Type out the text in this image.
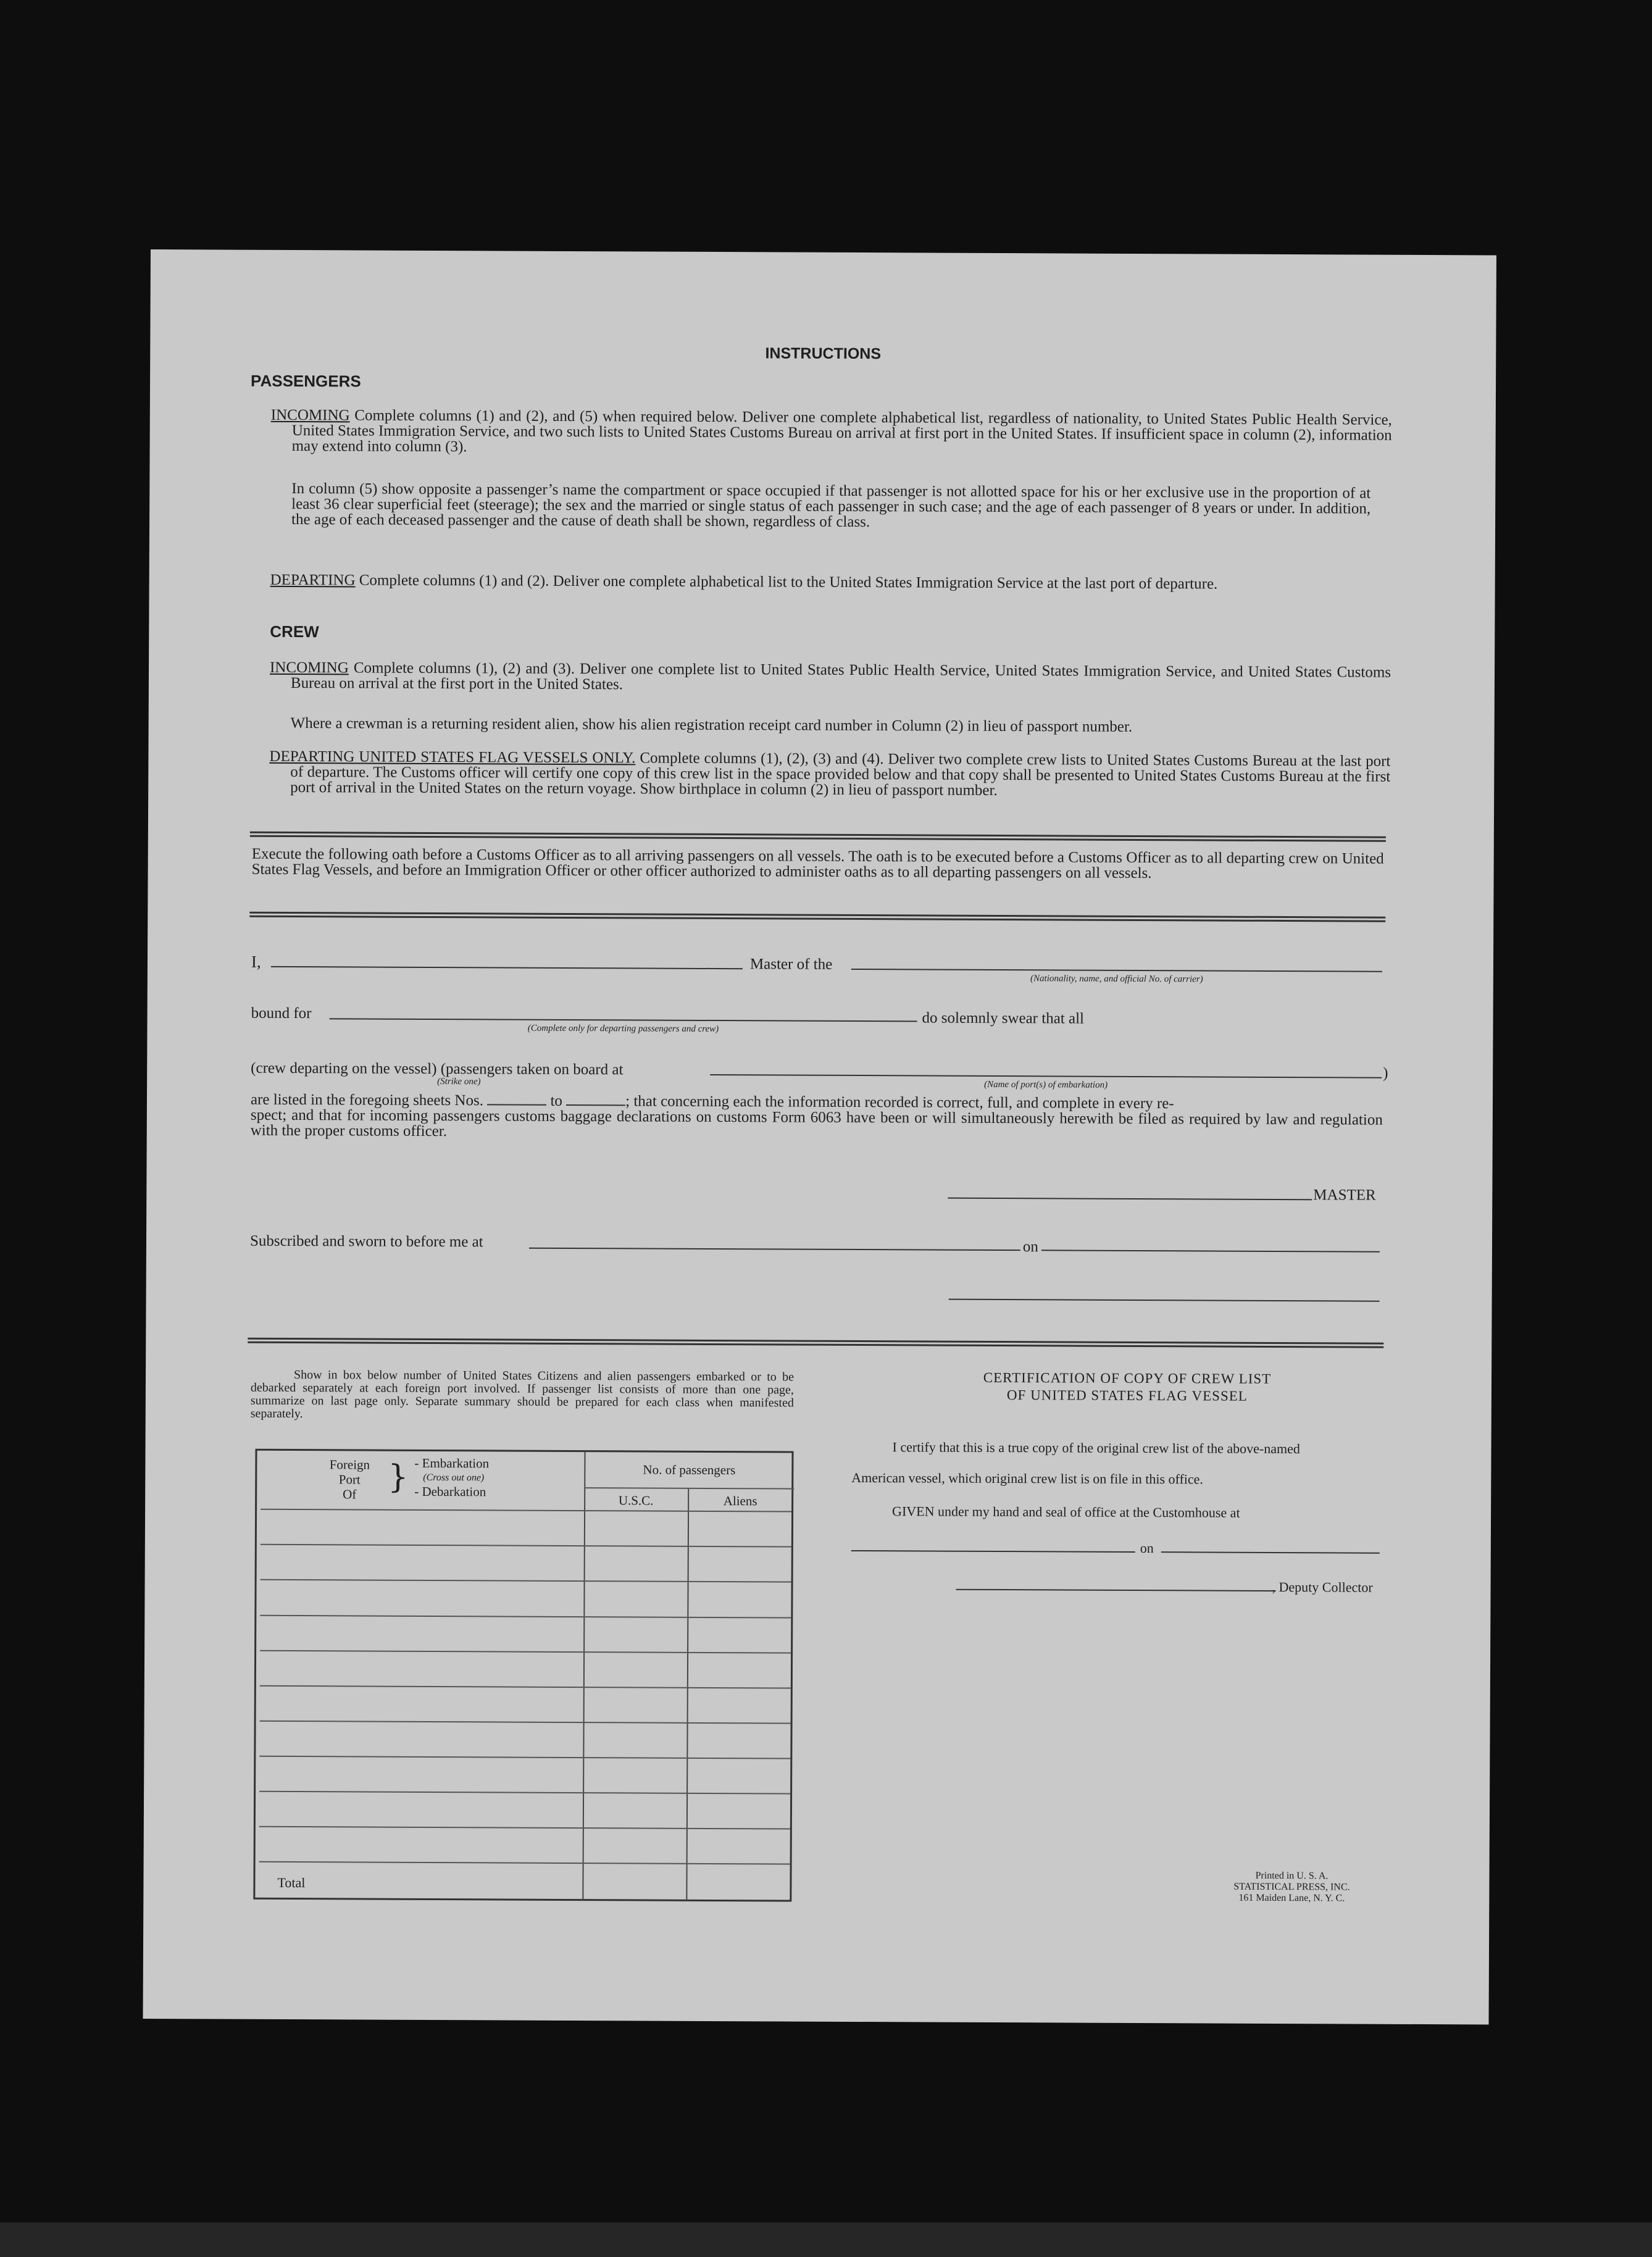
INSTRUCTIONS
PASSENGERS
INCOMING Complete columns (1) and (2), and (5) when required below. Deliver one complete alphabetical list, regardless of nationality, to United States Public Health Service, United States Immigration Service, and two such lists to United States Customs Bureau on arrival at first port in the United States. If insufficient space in column (2), information may extend into column (3).
In column (5) show opposite a passenger’s name the compartment or space occupied if that passenger is not allotted space for his or her exclusive use in the proportion of at least 36 clear superficial feet (steerage); the sex and the married or single status of each passenger in such case; and the age of each passenger of 8 years or under. In addition, the age of each deceased passenger and the cause of death shall be shown, regardless of class.
DEPARTING Complete columns (1) and (2). Deliver one complete alphabetical list to the United States Immigration Service at the last port of departure.
CREW
INCOMING Complete columns (1), (2) and (3). Deliver one complete list to United States Public Health Service, United States Immigration Service, and United States Customs Bureau on arrival at the first port in the United States.
Where a crewman is a returning resident alien, show his alien registration receipt card number in Column (2) in lieu of passport number.
DEPARTING UNITED STATES FLAG VESSELS ONLY. Complete columns (1), (2), (3) and (4). Deliver two complete crew lists to United States Customs Bureau at the last port of departure. The Customs officer will certify one copy of this crew list in the space provided below and that copy shall be presented to United States Customs Bureau at the first port of arrival in the United States on the return voyage. Show birthplace in column (2) in lieu of passport number.
Execute the following oath before a Customs Officer as to all arriving passengers on all vessels. The oath is to be executed before a Customs Officer as to all departing crew on United States Flag Vessels, and before an Immigration Officer or other officer authorized to administer oaths as to all departing passengers on all vessels.
I,	Master of the
(Nationality, name, and official No. of carrier)
bound for
(Complete only for departing passengers and crew)
do solemnly swear that all
(crew departing on the vessel) (passengers taken on board at
(Strike one)	(Name of port(s) of embarkation)
)
are listed in the foregoing sheets Nos.	to	; that concerning each the information recorded is correct, full, and complete in every re-
spect; and that for incoming passengers customs baggage declarations on customs Form 6063 have been or will simultaneously herewith be filed as required by law and regulation with the proper customs officer.
MASTER
Subscribed and sworn to before me at	on
Show in box below number of United States Citizens and alien passengers embarked or to be debarked separately at each foreign port involved. If passenger list consists of more than one page, summarize on last page only. Separate summary should be prepared for each class when manifested separately.
Foreign
Port
Of } - Embarkation
(Cross out one)
- Debarkation
No. of passengers
U.S.C.	Aliens
Total
CERTIFICATION OF COPY OF CREW LIST
OF UNITED STATES FLAG VESSEL
I certify that this is a true copy of the original crew list of the above-named
American vessel, which original crew list is on file in this office.
GIVEN under my hand and seal of office at the Customhouse at
on
, Deputy Collector
Printed in U. S. A.
STATISTICAL PRESS, INC.
161 Maiden Lane, N. Y. C.
